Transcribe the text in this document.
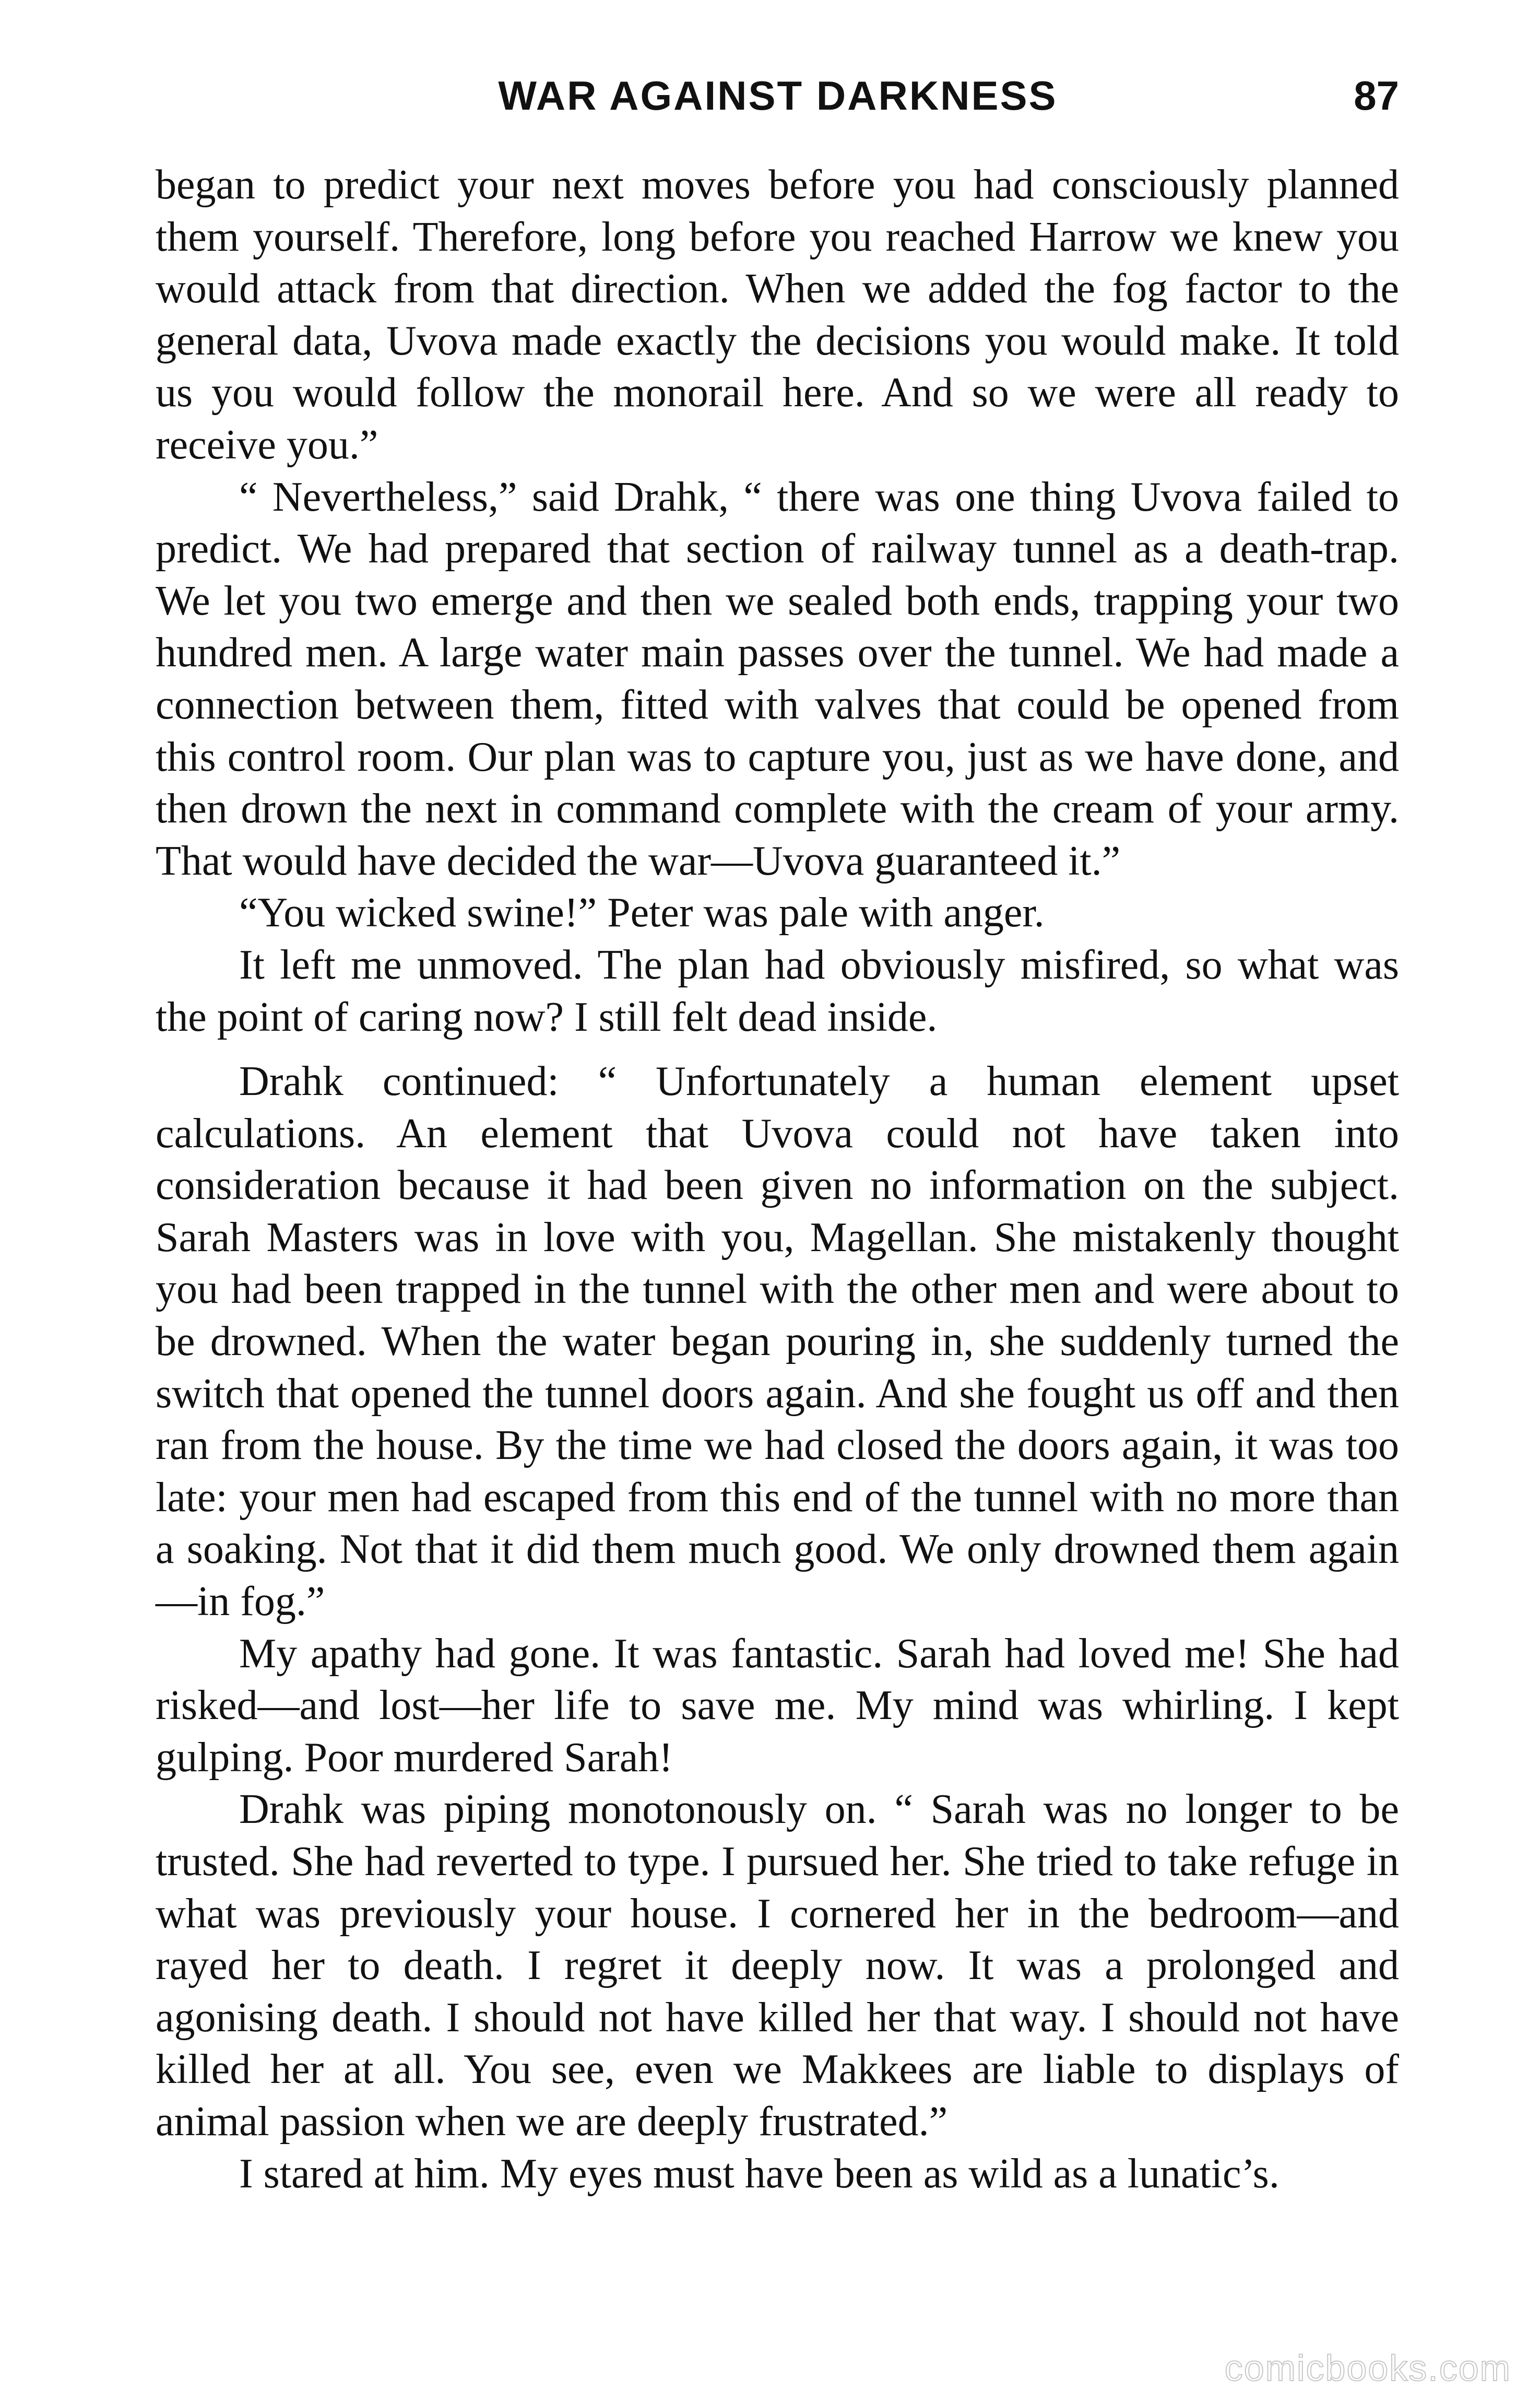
WAR AGAINST DARKNESS	87

began to predict your next moves before you had consciously planned them yourself. Therefore, long before you reached Harrow we knew you would attack from that direction. When we added the fog factor to the general data, Uvova made exactly the decisions you would make. It told us you would follow the monorail here. And so we were all ready to receive you.”

“ Nevertheless,” said Drahk, “ there was one thing Uvova failed to predict. We had prepared that section of railway tunnel as a death-trap. We let you two emerge and then we sealed both ends, trapping your two hundred men. A large water main passes over the tunnel. We had made a connection between them, fitted with valves that could be opened from this control room. Our plan was to capture you, just as we have done, and then drown the next in command complete with the cream of your army. That would have decided the war—Uvova guaranteed it.”

“You wicked swine!” Peter was pale with anger.

It left me unmoved. The plan had obviously misfired, so what was the point of caring now? I still felt dead inside.

Drahk continued: “ Unfortunately a human element upset calculations. An element that Uvova could not have taken into consideration because it had been given no information on the subject. Sarah Masters was in love with you, Magellan. She mistakenly thought you had been trapped in the tunnel with the other men and were about to be drowned. When the water began pouring in, she suddenly turned the switch that opened the tunnel doors again. And she fought us off and then ran from the house. By the time we had closed the doors again, it was too late: your men had escaped from this end of the tunnel with no more than a soaking. Not that it did them much good. We only drowned them again—in fog.”

My apathy had gone. It was fantastic. Sarah had loved me! She had risked—and lost—her life to save me. My mind was whirling. I kept gulping. Poor murdered Sarah!

Drahk was piping monotonously on. “ Sarah was no longer to be trusted. She had reverted to type. I pursued her. She tried to take refuge in what was previously your house. I cornered her in the bedroom—and rayed her to death. I regret it deeply now. It was a prolonged and agonising death. I should not have killed her that way. I should not have killed her at all. You see, even we Makkees are liable to displays of animal passion when we are deeply frustrated.”

I stared at him. My eyes must have been as wild as a lunatic’s.

comicbooks.com
